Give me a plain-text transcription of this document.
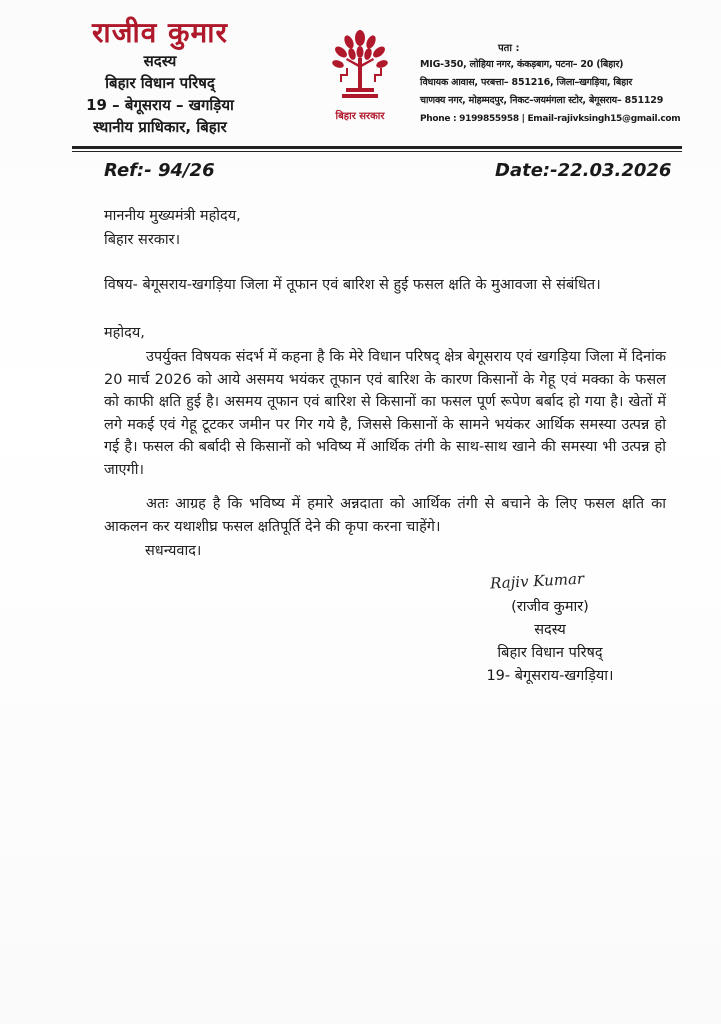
राजीव कुमार
सदस्य
बिहार विधान परिषद्
19 – बेगूसराय – खगड़िया
स्थानीय प्राधिकार, बिहार
बिहार सरकार
पता :
MIG-350, लोहिया नगर, कंकड़बाग, पटना– 20 (बिहार)
विधायक आवास, परबत्ता– 851216, जिला–खगड़िया, बिहार
चाणक्य नगर, मोहम्मदपुर, निकट–जयमंगला स्टोर, बेगूसराय– 851129
Phone : 9199855958 | Email-rajivksingh15@gmail.com
Ref:- 94/26	Date:-22.03.2026
माननीय मुख्यमंत्री महोदय,
बिहार सरकार।
विषय- बेगूसराय-खगड़िया जिला में तूफान एवं बारिश से हुई फसल क्षति के मुआवजा से संबंधित।
महोदय,
उपर्युक्त विषयक संदर्भ में कहना है कि मेरे विधान परिषद् क्षेत्र बेगूसराय एवं खगड़िया जिला में दिनांक 20 मार्च 2026 को आये असमय भयंकर तूफान एवं बारिश के कारण किसानों के गेहू एवं मक्का के फसल को काफी क्षति हुई है। असमय तूफान एवं बारिश से किसानों का फसल पूर्ण रूपेण बर्बाद हो गया है। खेतों में लगे मकई एवं गेहू टूटकर जमीन पर गिर गये है, जिससे किसानों के सामने भयंकर आर्थिक समस्या उत्पन्न हो गई है। फसल की बर्बादी से किसानों को भविष्य में आर्थिक तंगी के साथ-साथ खाने की समस्या भी उत्पन्न हो जाएगी।
अतः आग्रह है कि भविष्य में हमारे अन्नदाता को आर्थिक तंगी से बचाने के लिए फसल क्षति का आकलन कर यथाशीघ्र फसल क्षतिपूर्ति देने की कृपा करना चाहेंगे।
सधन्यवाद।
Rajiv Kumar
(राजीव कुमार)
सदस्य
बिहार विधान परिषद्
19- बेगूसराय-खगड़िया।
